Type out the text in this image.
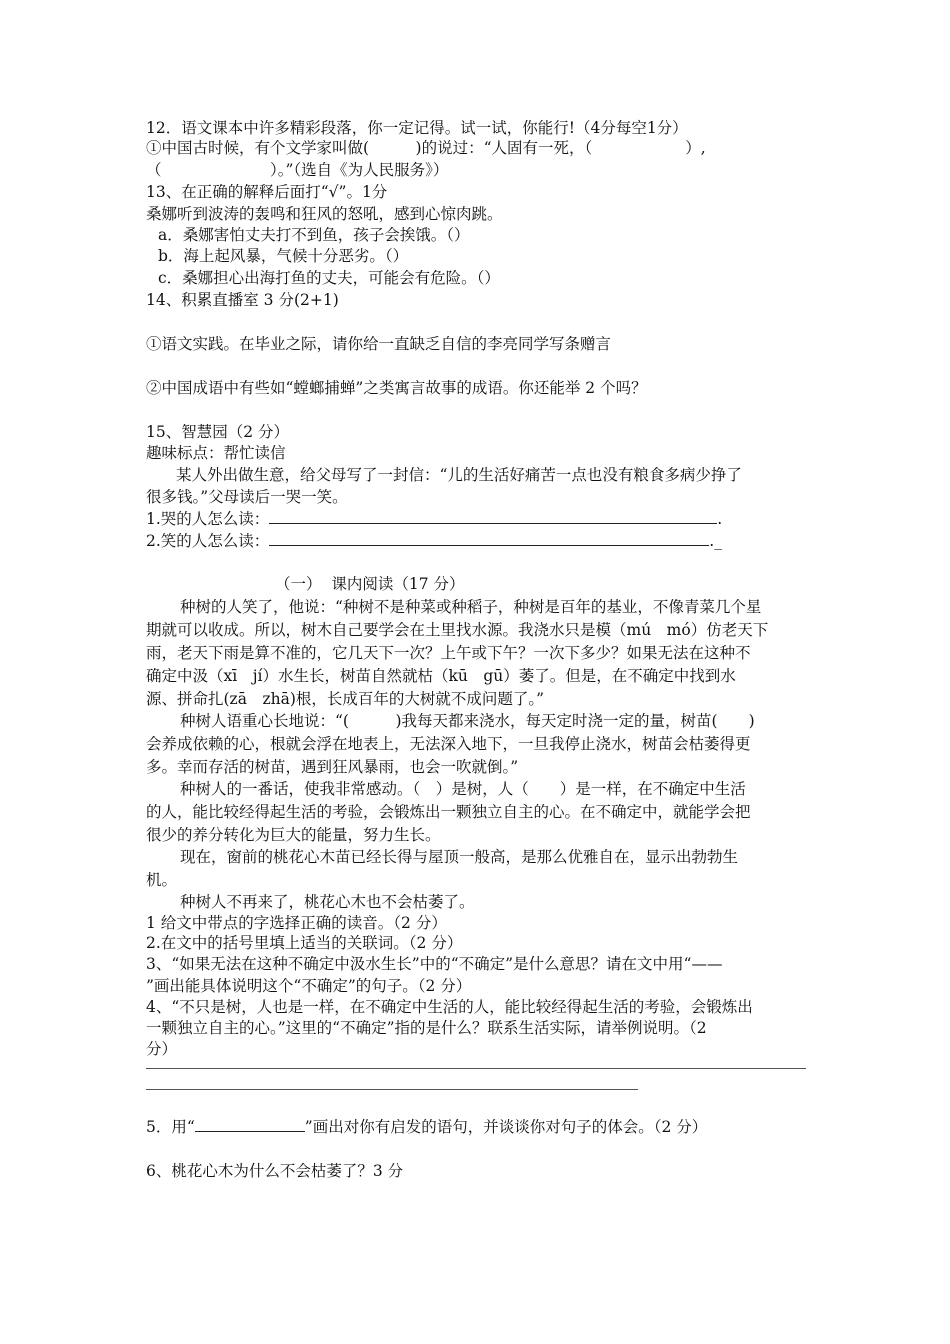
12．语文课本中许多精彩段落，你一定记得。试一试，你能行!（4分每空1分）
①中国古时候，有个文学家叫做(　　　)的说过：“人固有一死，（　　　　　　）,
（　　　　　　　）。”（选自《为人民服务》）
13、在正确的解释后面打“√”。1分
桑娜听到波涛的轰鸣和狂风的怒吼，感到心惊肉跳。
a．桑娜害怕丈夫打不到鱼，孩子会挨饿。（）
b．海上起风暴，气候十分恶劣。（）
c．桑娜担心出海打鱼的丈夫，可能会有危险。（）
14、积累直播室 3 分(2+1)
①语文实践。在毕业之际，请你给一直缺乏自信的李亮同学写条赠言
②中国成语中有些如“螳螂捕蝉”之类寓言故事的成语。你还能举 2 个吗？
15、智慧园（2 分）
趣味标点：帮忙读信
某人外出做生意，给父母写了一封信：“儿的生活好痛苦一点也没有粮食多病少挣了
很多钱。”父母读后一哭一笑。
1.哭的人怎么读：	.
2.笑的人怎么读：	._
（一）  课内阅读（17 分）
种树的人笑了，他说：“种树不是种菜或种稻子，种树是百年的基业，不像青菜几个星
期就可以收成。所以，树木自己要学会在土里找水源。我浇水只是模（mú　mó）仿老天下
雨，老天下雨是算不准的，它几天下一次？上午或下午？一次下多少？如果无法在这种不
确定中汲（xī　jí）水生长，树苗自然就枯（kū　gū）萎了。但是，在不确定中找到水
源、拼命扎(zā　zhā)根，长成百年的大树就不成问题了。”
种树人语重心长地说：“(　　　)我每天都来浇水，每天定时浇一定的量，树苗(　　)
会养成依赖的心，根就会浮在地表上，无法深入地下，一旦我停止浇水，树苗会枯萎得更
多。幸而存活的树苗，遇到狂风暴雨，也会一吹就倒。”
种树人的一番话，使我非常感动。（　）是树，人（　　）是一样，在不确定中生活
的人，能比较经得起生活的考验，会锻炼出一颗独立自主的心。在不确定中，就能学会把
很少的养分转化为巨大的能量，努力生长。
现在，窗前的桃花心木苗已经长得与屋顶一般高，是那么优雅自在，显示出勃勃生
机。
种树人不再来了，桃花心木也不会枯萎了。
1 给文中带点的字选择正确的读音。（2 分）
2.在文中的括号里填上适当的关联词。（2 分）
3、“如果无法在这种不确定中汲水生长”中的“不确定”是什么意思？请在文中用“——
”画出能具体说明这个“不确定”的句子。（2 分）
4、“不只是树，人也是一样，在不确定中生活的人，能比较经得起生活的考验，会锻炼出
一颗独立自主的心。”这里的“不确定”指的是什么？联系生活实际，请举例说明。（2
分）
5．用“	”画出对你有启发的语句，并谈谈你对句子的体会。（2 分）
6、桃花心木为什么不会枯萎了？3 分
